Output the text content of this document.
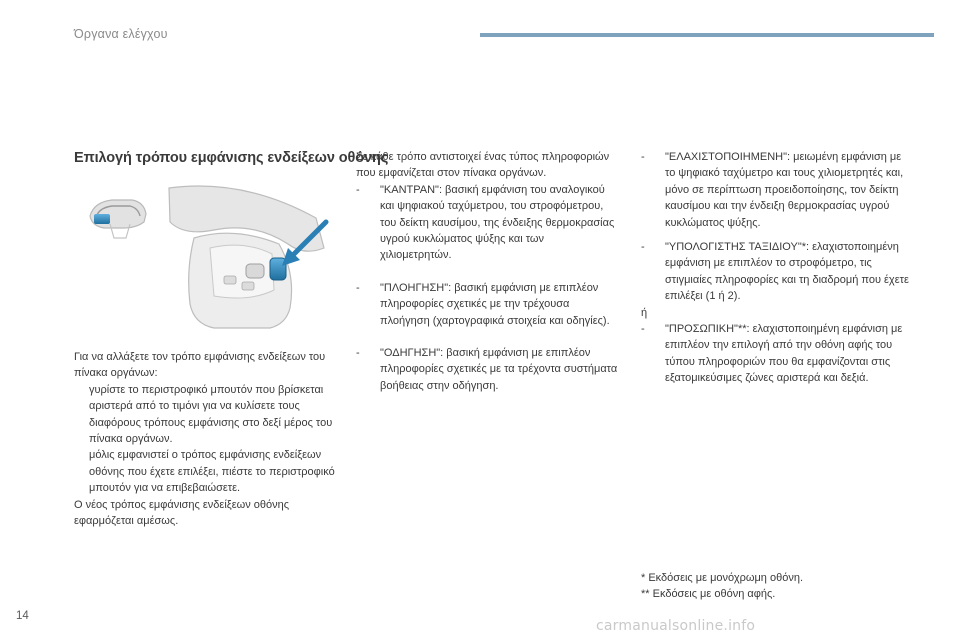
Όργανα ελέγχου
Επιλογή τρόπου εμφάνισης ενδείξεων οθόνης

Για να αλλάξετε τον τρόπο εμφάνισης ενδείξεων του πίνακα οργάνων:

γυρίστε το περιστροφικό μπουτόν που βρίσκεται αριστερά από το τιμόνι για να κυλίσετε τους διαφόρους τρόπους εμφάνισης στο δεξί μέρος του πίνακα οργάνων.

μόλις εμφανιστεί ο τρόπος εμφάνισης ενδείξεων οθόνης που έχετε επιλέξει, πιέστε το περιστροφικό μπουτόν για να επιβεβαιώσετε.

Ο νέος τρόπος εμφάνισης ενδείξεων οθόνης εφαρμόζεται αμέσως.

Σε κάθε τρόπο αντιστοιχεί ένας τύπος πληροφοριών που εμφανίζεται στον πίνακα οργάνων.

- "ΚΑΝΤΡΑΝ": βασική εμφάνιση του αναλογικού και ψηφιακού ταχύμετρου, του στροφόμετρου, του δείκτη καυσίμου, της ένδειξης θερμοκρασίας υγρού κυκλώματος ψύξης και των χιλιομετρητών.

- "ΠΛΟΗΓΗΣΗ": βασική εμφάνιση με επιπλέον πληροφορίες σχετικές με την τρέχουσα πλοήγηση (χαρτογραφικά στοιχεία και οδηγίες).

- "ΟΔΗΓΗΣΗ": βασική εμφάνιση με επιπλέον πληροφορίες σχετικές με τα τρέχοντα συστήματα βοήθειας στην οδήγηση.

- "ΕΛΑΧΙΣΤΟΠΟΙΗΜΕΝΗ": μειωμένη εμφάνιση με το ψηφιακό ταχύμετρο και τους χιλιομετρητές και, μόνο σε περίπτωση προειδοποίησης, τον δείκτη καυσίμου και την ένδειξη θερμοκρασίας υγρού κυκλώματος ψύξης.

- "ΥΠΟΛΟΓΙΣΤΗΣ ΤΑΞΙΔΙΟΥ"*: ελαχιστοποιημένη εμφάνιση με επιπλέον το στροφόμετρο, τις στιγμιαίες πληροφορίες και τη διαδρομή που έχετε επιλέξει (1 ή 2).

ή

- "ΠΡΟΣΩΠΙΚΗ"**: ελαχιστοποιημένη εμφάνιση με επιπλέον την επιλογή από την οθόνη αφής του τύπου πληροφοριών που θα εμφανίζονται στις εξατομικεύσιμες ζώνες αριστερά και δεξιά.

* Εκδόσεις με μονόχρωμη οθόνη.
** Εκδόσεις με οθόνη αφής.
14
carmanualsonline.info
